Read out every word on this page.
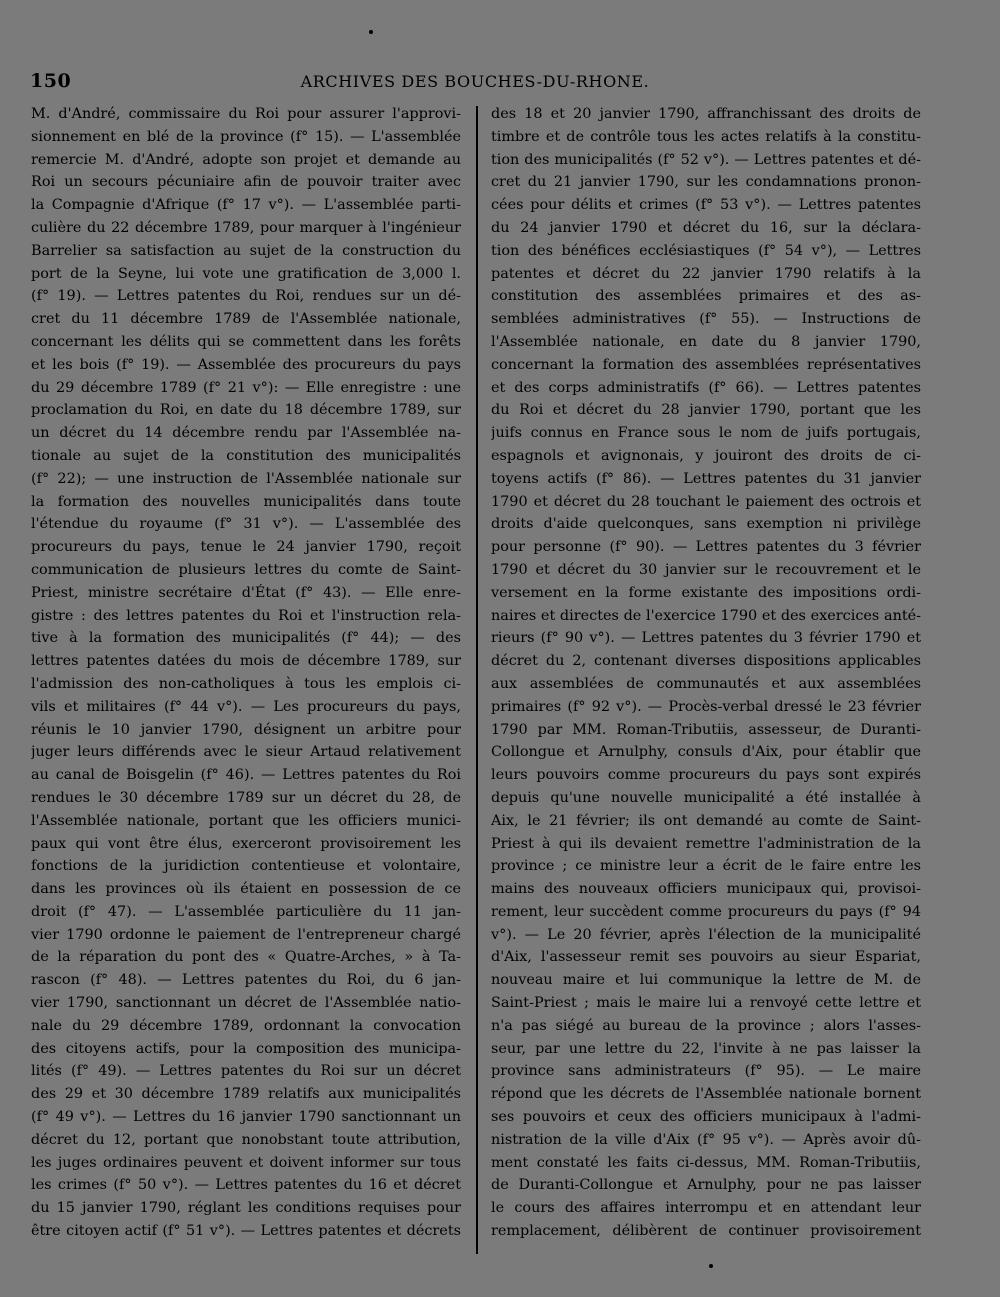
150	ARCHIVES DES BOUCHES-DU-RHONE.
M. d'André, commissaire du Roi pour assurer l'approvi-
sionnement en blé de la province (f° 15). — L'assemblée
remercie M. d'André, adopte son projet et demande au
Roi un secours pécuniaire afin de pouvoir traiter avec
la Compagnie d'Afrique (f° 17 v°). — L'assemblée parti-
culière du 22 décembre 1789, pour marquer à l'ingénieur
Barrelier sa satisfaction au sujet de la construction du
port de la Seyne, lui vote une gratification de 3,000 l.
(f° 19). — Lettres patentes du Roi, rendues sur un dé-
cret du 11 décembre 1789 de l'Assemblée nationale,
concernant les délits qui se commettent dans les forêts
et les bois (f° 19). — Assemblée des procureurs du pays
du 29 décembre 1789 (f° 21 v°): — Elle enregistre : une
proclamation du Roi, en date du 18 décembre 1789, sur
un décret du 14 décembre rendu par l'Assemblée na-
tionale au sujet de la constitution des municipalités
(f° 22); — une instruction de l'Assemblée nationale sur
la formation des nouvelles municipalités dans toute
l'étendue du royaume (f° 31 v°). — L'assemblée des
procureurs du pays, tenue le 24 janvier 1790, reçoit
communication de plusieurs lettres du comte de Saint-
Priest, ministre secrétaire d'État (f° 43). — Elle enre-
gistre : des lettres patentes du Roi et l'instruction rela-
tive à la formation des municipalités (f° 44); — des
lettres patentes datées du mois de décembre 1789, sur
l'admission des non-catholiques à tous les emplois ci-
vils et militaires (f° 44 v°). — Les procureurs du pays,
réunis le 10 janvier 1790, désignent un arbitre pour
juger leurs différends avec le sieur Artaud relativement
au canal de Boisgelin (f° 46). — Lettres patentes du Roi
rendues le 30 décembre 1789 sur un décret du 28, de
l'Assemblée nationale, portant que les officiers munici-
paux qui vont être élus, exerceront provisoirement les
fonctions de la juridiction contentieuse et volontaire,
dans les provinces où ils étaient en possession de ce
droit (f° 47). — L'assemblée particulière du 11 jan-
vier 1790 ordonne le paiement de l'entrepreneur chargé
de la réparation du pont des « Quatre-Arches, » à Ta-
rascon (f° 48). — Lettres patentes du Roi, du 6 jan-
vier 1790, sanctionnant un décret de l'Assemblée natio-
nale du 29 décembre 1789, ordonnant la convocation
des citoyens actifs, pour la composition des municipa-
lités (f° 49). — Lettres patentes du Roi sur un décret
des 29 et 30 décembre 1789 relatifs aux municipalités
(f° 49 v°). — Lettres du 16 janvier 1790 sanctionnant un
décret du 12, portant que nonobstant toute attribution,
les juges ordinaires peuvent et doivent informer sur tous
les crimes (f° 50 v°). — Lettres patentes du 16 et décret
du 15 janvier 1790, réglant les conditions requises pour
être citoyen actif (f° 51 v°). — Lettres patentes et décrets
des 18 et 20 janvier 1790, affranchissant des droits de
timbre et de contrôle tous les actes relatifs à la constitu-
tion des municipalités (f° 52 v°). — Lettres patentes et dé-
cret du 21 janvier 1790, sur les condamnations pronon-
cées pour délits et crimes (f° 53 v°). — Lettres patentes
du 24 janvier 1790 et décret du 16, sur la déclara-
tion des bénéfices ecclésiastiques (f° 54 v°), — Lettres
patentes et décret du 22 janvier 1790 relatifs à la
constitution des assemblées primaires et des as-
semblées administratives (f° 55). — Instructions de
l'Assemblée nationale, en date du 8 janvier 1790,
concernant la formation des assemblées représentatives
et des corps administratifs (f° 66). — Lettres patentes
du Roi et décret du 28 janvier 1790, portant que les
juifs connus en France sous le nom de juifs portugais,
espagnols et avignonais, y jouiront des droits de ci-
toyens actifs (f° 86). — Lettres patentes du 31 janvier
1790 et décret du 28 touchant le paiement des octrois et
droits d'aide quelconques, sans exemption ni privilège
pour personne (f° 90). — Lettres patentes du 3 février
1790 et décret du 30 janvier sur le recouvrement et le
versement en la forme existante des impositions ordi-
naires et directes de l'exercice 1790 et des exercices anté-
rieurs (f° 90 v°). — Lettres patentes du 3 février 1790 et
décret du 2, contenant diverses dispositions applicables
aux assemblées de communautés et aux assemblées
primaires (f° 92 v°). — Procès-verbal dressé le 23 février
1790 par MM. Roman-Tributiis, assesseur, de Duranti-
Collongue et Arnulphy, consuls d'Aix, pour établir que
leurs pouvoirs comme procureurs du pays sont expirés
depuis qu'une nouvelle municipalité a été installée à
Aix, le 21 février; ils ont demandé au comte de Saint-
Priest à qui ils devaient remettre l'administration de la
province ; ce ministre leur a écrit de le faire entre les
mains des nouveaux officiers municipaux qui, provisoi-
rement, leur succèdent comme procureurs du pays (f° 94
v°). — Le 20 février, après l'élection de la municipalité
d'Aix, l'assesseur remit ses pouvoirs au sieur Espariat,
nouveau maire et lui communique la lettre de M. de
Saint-Priest ; mais le maire lui a renvoyé cette lettre et
n'a pas siégé au bureau de la province ; alors l'asses-
seur, par une lettre du 22, l'invite à ne pas laisser la
province sans administrateurs (f° 95). — Le maire
répond que les décrets de l'Assemblée nationale bornent
ses pouvoirs et ceux des officiers municipaux à l'admi-
nistration de la ville d'Aix (f° 95 v°). — Après avoir dû-
ment constaté les faits ci-dessus, MM. Roman-Tributiis,
de Duranti-Collongue et Arnulphy, pour ne pas laisser
le cours des affaires interrompu et en attendant leur
remplacement, délibèrent de continuer provisoirement
